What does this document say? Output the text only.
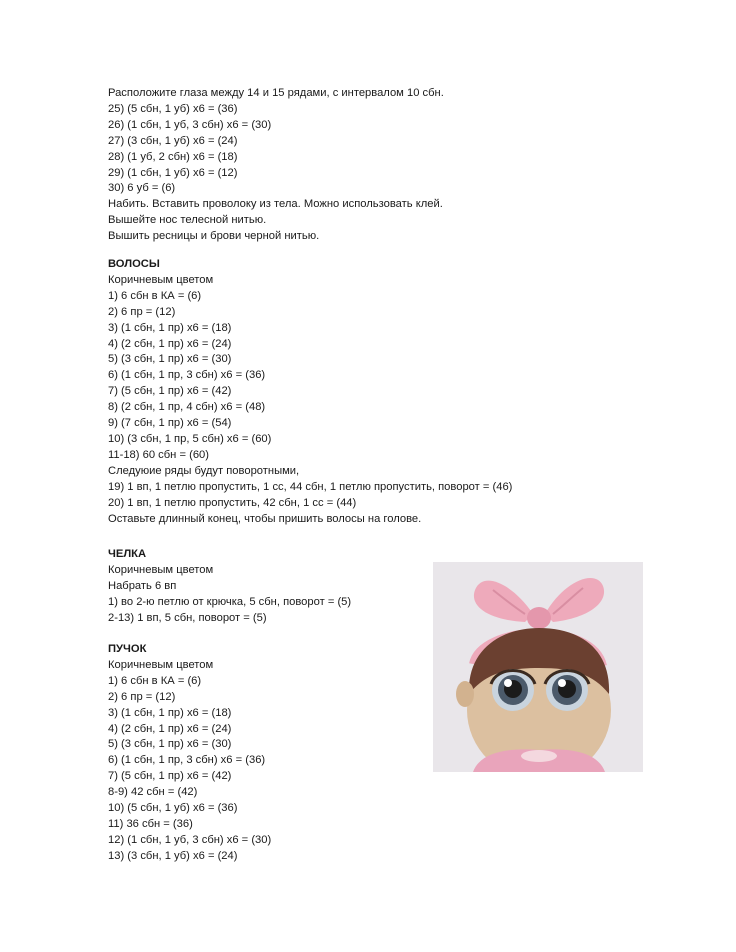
Расположите глаза между 14 и 15 рядами, с интервалом 10 сбн.
25) (5 сбн, 1 уб) х6 = (36)
26) (1 сбн, 1 уб, 3 сбн) х6 = (30)
27) (3 сбн, 1 уб) х6 = (24)
28) (1 уб, 2 сбн) х6 = (18)
29) (1 сбн, 1 уб) х6 = (12)
30) 6 уб = (6)
Набить. Вставить проволоку из тела. Можно использовать клей.
Вышейте нос телесной нитью.
Вышить ресницы и брови черной нитью.
ВОЛОСЫ
Коричневым цветом
1) 6 сбн в КА = (6)
2) 6 пр = (12)
3) (1 сбн, 1 пр) х6 = (18)
4) (2 сбн, 1 пр) х6 = (24)
5) (3 сбн, 1 пр) х6 = (30)
6) (1 сбн, 1 пр, 3 сбн) х6 = (36)
7) (5 сбн, 1 пр) х6 = (42)
8) (2 сбн, 1 пр, 4 сбн) х6 = (48)
9) (7 сбн, 1 пр) х6 = (54)
10) (3 сбн, 1 пр, 5 сбн) х6 = (60)
11-18) 60 сбн = (60)
Следуюие ряды будут поворотными,
19) 1 вп, 1 петлю пропустить, 1 сс, 44 сбн, 1 петлю пропустить, поворот = (46)
20) 1 вп, 1 петлю пропустить, 42 сбн, 1 сс = (44)
Оставьте длинный конец, чтобы пришить волосы на голове.
ЧЕЛКА
Коричневым цветом
Набрать 6 вп
1) во 2-ю петлю от крючка, 5 сбн, поворот = (5)
2-13) 1 вп, 5 сбн, поворот = (5)
ПУЧОК
Коричневым цветом
1) 6 сбн в КА = (6)
2) 6 пр = (12)
3) (1 сбн, 1 пр) х6 = (18)
4) (2 сбн, 1 пр) х6 = (24)
5) (3 сбн, 1 пр) х6 = (30)
6) (1 сбн, 1 пр, 3 сбн) х6 = (36)
7) (5 сбн, 1 пр) х6 = (42)
8-9) 42 сбн = (42)
10) (5 сбн, 1 уб) х6 = (36)
11) 36 сбн = (36)
12) (1 сбн, 1 уб, 3 сбн) х6 = (30)
13) (3 сбн, 1 уб) х6 = (24)
